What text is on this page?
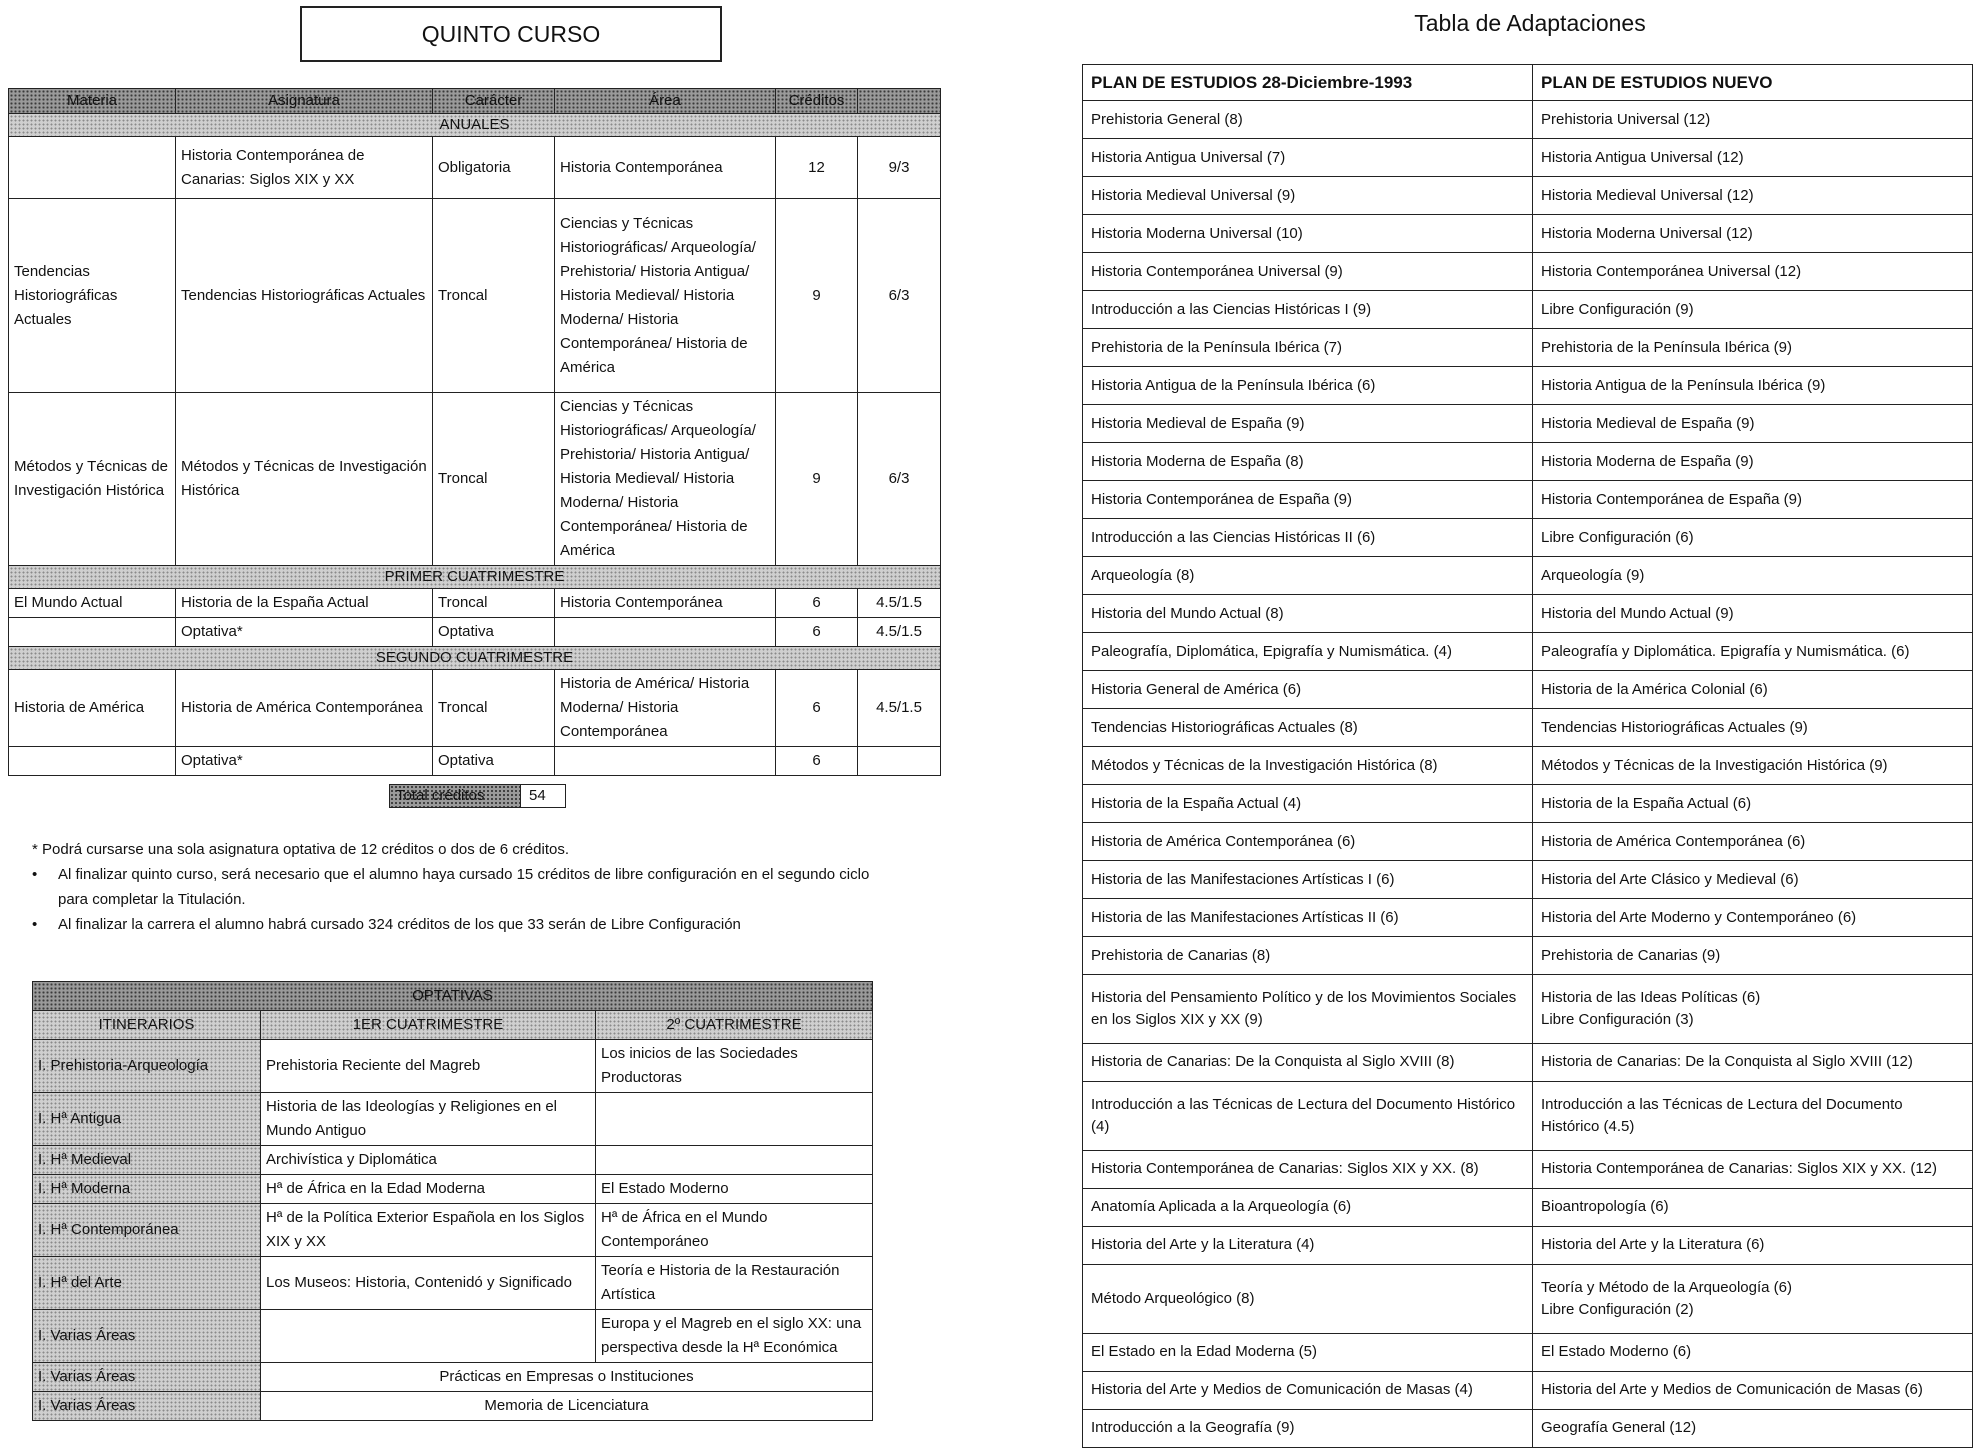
QUINTO CURSO
Materia	Asignatura	Carácter	Área	Créditos	
ANUALES					
	Historia Contemporánea de Canarias: Siglos XIX y XX	Obligatoria	Historia Contemporánea	12	9/3
Tendencias Historiográficas Actuales	Tendencias Historiográficas Actuales	Troncal	Ciencias y Técnicas Historiográficas/ Arqueología/ Prehistoria/ Historia Antigua/ Historia Medieval/ Historia Moderna/ Historia Contemporánea/ Historia de América	9	6/3
Métodos y Técnicas de Investigación Histórica	Métodos y Técnicas de Investigación Histórica	Troncal	Ciencias y Técnicas Historiográficas/ Arqueología/ Prehistoria/ Historia Antigua/ Historia Medieval/ Historia Moderna/ Historia Contemporánea/ Historia de América	9	6/3
PRIMER CUATRIMESTRE					
El Mundo Actual	Historia de la España Actual	Troncal	Historia Contemporánea	6	4.5/1.5
	Optativa*	Optativa		6	4.5/1.5
SEGUNDO CUATRIMESTRE					
Historia de América	Historia de América Contemporánea	Troncal	Historia de América/ Historia Moderna/ Historia Contemporánea	6	4.5/1.5
	Optativa*	Optativa		6	
Total créditos	54
* Podrá cursarse una sola asignatura optativa de 12 créditos o dos de 6 créditos.
•	Al finalizar quinto curso, será necesario que el alumno haya cursado 15 créditos de libre configuración en el segundo ciclo para completar la Titulación.
•	Al finalizar la carrera el alumno habrá cursado 324 créditos de los que 33 serán de Libre Configuración
OPTATIVAS		
ITINERARIOS	1ER CUATRIMESTRE	2º CUATRIMESTRE
I. Prehistoria-Arqueología	Prehistoria Reciente del Magreb	Los inicios de las Sociedades Productoras
I. Hª Antigua	Historia de las Ideologías y Religiones en el Mundo Antiguo	
I. Hª Medieval	Archivística y Diplomática	
I. Hª Moderna	Hª de África en la Edad Moderna	El Estado Moderno
I. Hª Contemporánea	Hª de la Política Exterior Española en los Siglos XIX y XX	Hª de África en el Mundo Contemporáneo
I. Hª del Arte	Los Museos: Historia, Contenidó y Significado	Teoría e Historia de la Restauración Artística
I. Varias Áreas		Europa y el Magreb en el siglo XX: una perspectiva desde la Hª Económica
I. Varias Áreas	Prácticas en Empresas o Instituciones	
I. Varias Áreas	Memoria de Licenciatura	
Tabla de Adaptaciones
PLAN DE ESTUDIOS 28-Diciembre-1993	PLAN DE ESTUDIOS NUEVO
Prehistoria General (8)	Prehistoria Universal (12)
Historia Antigua Universal (7)	Historia Antigua Universal (12)
Historia Medieval Universal (9)	Historia Medieval Universal (12)
Historia Moderna Universal (10)	Historia Moderna Universal (12)
Historia Contemporánea Universal (9)	Historia Contemporánea Universal (12)
Introducción a las Ciencias Históricas I (9)	Libre Configuración (9)
Prehistoria de la Península Ibérica (7)	Prehistoria de la Península Ibérica (9)
Historia Antigua de la Península Ibérica (6)	Historia Antigua de la Península Ibérica (9)
Historia Medieval de España (9)	Historia Medieval de España (9)
Historia Moderna de España (8)	Historia Moderna de España (9)
Historia Contemporánea de España (9)	Historia Contemporánea de España (9)
Introducción a las Ciencias Históricas II (6)	Libre Configuración (6)
Arqueología (8)	Arqueología (9)
Historia del Mundo Actual (8)	Historia del Mundo Actual (9)
Paleografía, Diplomática, Epigrafía y Numismática. (4)	Paleografía y Diplomática. Epigrafía y Numismática. (6)
Historia General de América (6)	Historia de la América Colonial (6)
Tendencias Historiográficas Actuales (8)	Tendencias Historiográficas Actuales (9)
Métodos y Técnicas de la Investigación Histórica (8)	Métodos y Técnicas de la Investigación Histórica (9)
Historia de la España Actual (4)	Historia de la España Actual (6)
Historia de América Contemporánea (6)	Historia de América Contemporánea (6)
Historia de las Manifestaciones Artísticas I (6)	Historia del Arte Clásico y Medieval (6)
Historia de las Manifestaciones Artísticas II (6)	Historia del Arte Moderno y Contemporáneo (6)
Prehistoria de Canarias (8)	Prehistoria de Canarias (9)
Historia del Pensamiento Político y de los Movimientos Sociales en los Siglos XIX y XX (9)	Historia de las Ideas Políticas (6)
Libre Configuración (3)
Historia de Canarias: De la Conquista al Siglo XVIII (8)	Historia de Canarias: De la Conquista al Siglo XVIII (12)
Introducción a las Técnicas de Lectura del Documento Histórico (4)	Introducción a las Técnicas de Lectura del Documento Histórico (4.5)
Historia Contemporánea de Canarias: Siglos XIX y XX. (8)	Historia Contemporánea de Canarias: Siglos XIX y XX. (12)
Anatomía Aplicada a la Arqueología (6)	Bioantropología (6)
Historia del Arte y la Literatura (4)	Historia del Arte y la Literatura (6)
Método Arqueológico (8)	Teoría y Método de la Arqueología (6)
Libre Configuración (2)
El Estado en la Edad Moderna (5)	El Estado Moderno (6)
Historia del Arte y Medios de Comunicación de Masas (4)	Historia del Arte y Medios de Comunicación de Masas (6)
Introducción a la Geografía (9)	Geografía General (12)
